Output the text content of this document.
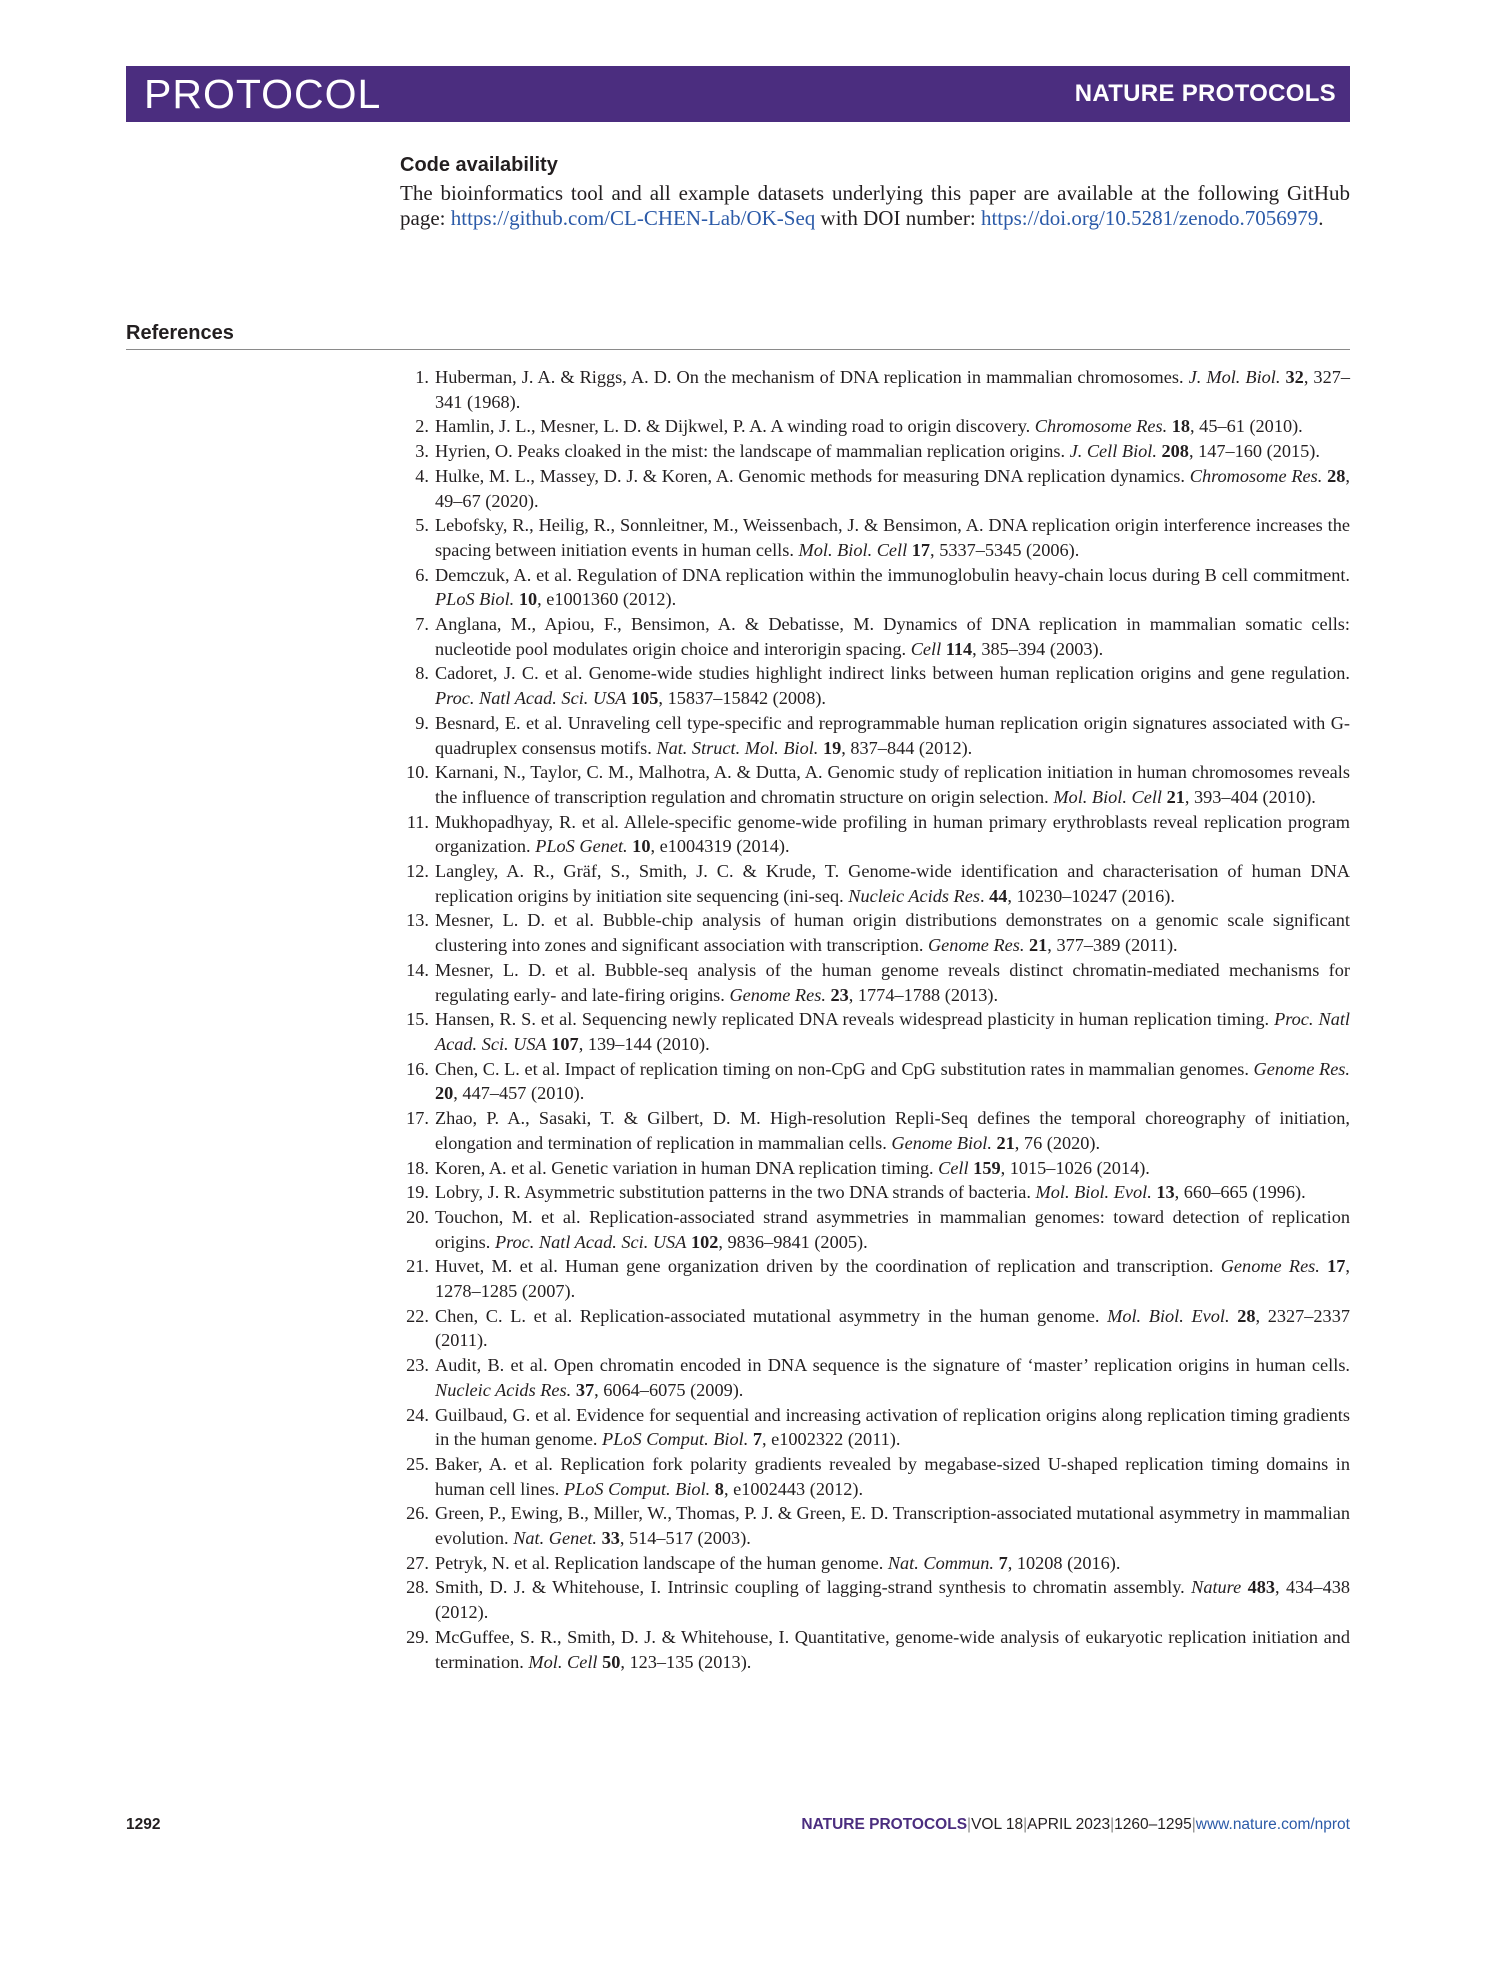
PROTOCOL	NATURE PROTOCOLS
Code availability
The bioinformatics tool and all example datasets underlying this paper are available at the following GitHub page: https://github.com/CL-CHEN-Lab/OK-Seq with DOI number: https://doi.org/10.5281/zenodo.7056979.
References
1 . Huberman, J. A. & Riggs, A. D. On the mechanism of DNA replication in mammalian chromosomes. J. Mol. Biol. 32, 327–341 (1968).
2 . Hamlin, J. L., Mesner, L. D. & Dijkwel, P. A. A winding road to origin discovery. Chromosome Res. 18, 45–61 (2010).
3 . Hyrien, O. Peaks cloaked in the mist: the landscape of mammalian replication origins. J. Cell Biol. 208, 147–160 (2015).
4 . Hulke, M. L., Massey, D. J. & Koren, A. Genomic methods for measuring DNA replication dynamics. Chromosome Res. 28, 49–67 (2020).
5 . Lebofsky, R., Heilig, R., Sonnleitner, M., Weissenbach, J. & Bensimon, A. DNA replication origin interference increases the spacing between initiation events in human cells. Mol. Biol. Cell 17, 5337–5345 (2006).
6 . Demczuk, A. et al. Regulation of DNA replication within the immunoglobulin heavy-chain locus during B cell commitment. PLoS Biol. 10, e1001360 (2012).
7 . Anglana, M., Apiou, F., Bensimon, A. & Debatisse, M. Dynamics of DNA replication in mammalian somatic cells: nucleotide pool modulates origin choice and interorigin spacing. Cell 114, 385–394 (2003).
8 . Cadoret, J. C. et al. Genome-wide studies highlight indirect links between human replication origins and gene regulation. Proc. Natl Acad. Sci. USA 105, 15837–15842 (2008).
9 . Besnard, E. et al. Unraveling cell type-specific and reprogrammable human replication origin signatures associated with G-quadruplex consensus motifs. Nat. Struct. Mol. Biol. 19, 837–844 (2012).
10 . Karnani, N., Taylor, C. M., Malhotra, A. & Dutta, A. Genomic study of replication initiation in human chromosomes reveals the influence of transcription regulation and chromatin structure on origin selection. Mol. Biol. Cell 21, 393–404 (2010).
11 . Mukhopadhyay, R. et al. Allele-specific genome-wide profiling in human primary erythroblasts reveal replication program organization. PLoS Genet. 10, e1004319 (2014).
12 . Langley, A. R., Gräf, S., Smith, J. C. & Krude, T. Genome-wide identification and characterisation of human DNA replication origins by initiation site sequencing (ini-seq. Nucleic Acids Res. 44, 10230–10247 (2016).
13 . Mesner, L. D. et al. Bubble-chip analysis of human origin distributions demonstrates on a genomic scale significant clustering into zones and significant association with transcription. Genome Res. 21, 377–389 (2011).
14 . Mesner, L. D. et al. Bubble-seq analysis of the human genome reveals distinct chromatin-mediated mechanisms for regulating early- and late-firing origins. Genome Res. 23, 1774–1788 (2013).
15 . Hansen, R. S. et al. Sequencing newly replicated DNA reveals widespread plasticity in human replication timing. Proc. Natl Acad. Sci. USA 107, 139–144 (2010).
16 . Chen, C. L. et al. Impact of replication timing on non-CpG and CpG substitution rates in mammalian genomes. Genome Res. 20, 447–457 (2010).
17 . Zhao, P. A., Sasaki, T. & Gilbert, D. M. High-resolution Repli-Seq defines the temporal choreography of initiation, elongation and termination of replication in mammalian cells. Genome Biol. 21, 76 (2020).
18 . Koren, A. et al. Genetic variation in human DNA replication timing. Cell 159, 1015–1026 (2014).
19 . Lobry, J. R. Asymmetric substitution patterns in the two DNA strands of bacteria. Mol. Biol. Evol. 13, 660–665 (1996).
20 . Touchon, M. et al. Replication-associated strand asymmetries in mammalian genomes: toward detection of replication origins. Proc. Natl Acad. Sci. USA 102, 9836–9841 (2005).
21 . Huvet, M. et al. Human gene organization driven by the coordination of replication and transcription. Genome Res. 17, 1278–1285 (2007).
22 . Chen, C. L. et al. Replication-associated mutational asymmetry in the human genome. Mol. Biol. Evol. 28, 2327–2337 (2011).
23 . Audit, B. et al. Open chromatin encoded in DNA sequence is the signature of ‘master’ replication origins in human cells. Nucleic Acids Res. 37, 6064–6075 (2009).
24 . Guilbaud, G. et al. Evidence for sequential and increasing activation of replication origins along replication timing gradients in the human genome. PLoS Comput. Biol. 7, e1002322 (2011).
25 . Baker, A. et al. Replication fork polarity gradients revealed by megabase-sized U-shaped replication timing domains in human cell lines. PLoS Comput. Biol. 8, e1002443 (2012).
26 . Green, P., Ewing, B., Miller, W., Thomas, P. J. & Green, E. D. Transcription-associated mutational asymmetry in mammalian evolution. Nat. Genet. 33, 514–517 (2003).
27 . Petryk, N. et al. Replication landscape of the human genome. Nat. Commun. 7, 10208 (2016).
28 . Smith, D. J. & Whitehouse, I. Intrinsic coupling of lagging-strand synthesis to chromatin assembly. Nature 483, 434–438 (2012).
29 . McGuffee, S. R., Smith, D. J. & Whitehouse, I. Quantitative, genome-wide analysis of eukaryotic replication initiation and termination. Mol. Cell 50, 123–135 (2013).
1292	NATURE PROTOCOLS|VOL 18|APRIL 2023|1260–1295|www.nature.com/nprot
